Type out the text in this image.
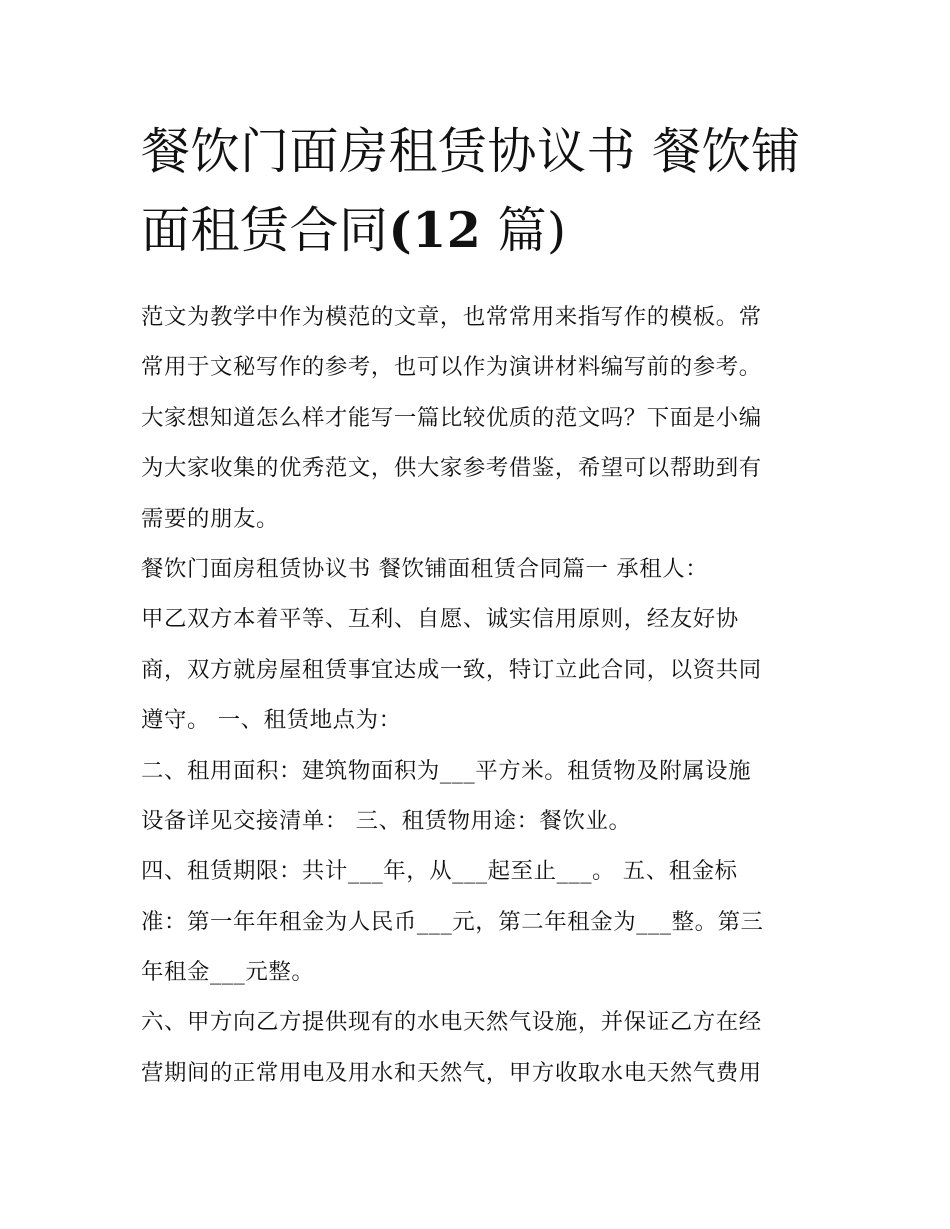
餐饮门面房租赁协议书 餐饮铺
面租赁合同(12 篇)
范文为教学中作为模范的文章，也常常用来指写作的模板。常
常用于文秘写作的参考，也可以作为演讲材料编写前的参考。
大家想知道怎么样才能写一篇比较优质的范文吗？下面是小编
为大家收集的优秀范文，供大家参考借鉴，希望可以帮助到有
需要的朋友。
餐饮门面房租赁协议书 餐饮铺面租赁合同篇一 承租人：
甲乙双方本着平等、互利、自愿、诚实信用原则，经友好协
商，双方就房屋租赁事宜达成一致，特订立此合同，以资共同
遵守。 一、租赁地点为：
二、租用面积：建筑物面积为___平方米。租赁物及附属设施
设备详见交接清单： 三、租赁物用途：餐饮业。
四、租赁期限：共计___年，从___起至止___。 五、租金标
准：第一年年租金为人民币___元，第二年租金为___整。第三
年租金___元整。
六、甲方向乙方提供现有的水电天然气设施，并保证乙方在经
营期间的正常用电及用水和天然气，甲方收取水电天然气费用
